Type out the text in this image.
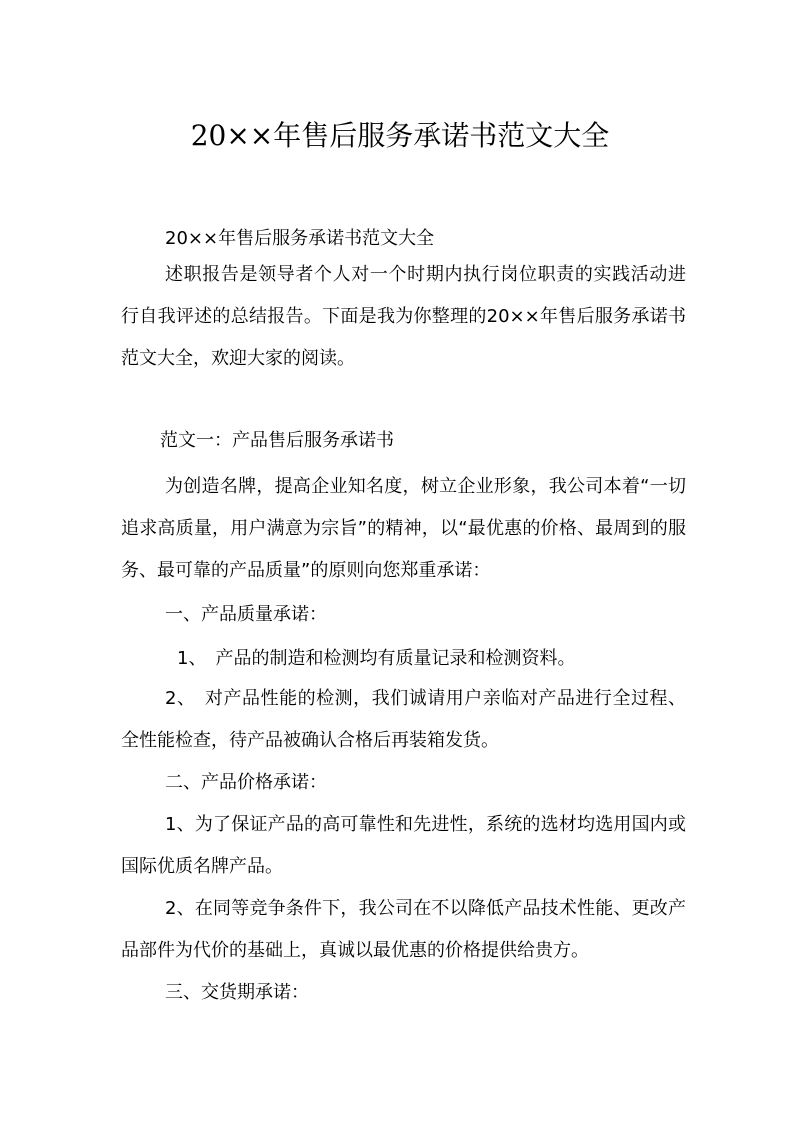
20××年售后服务承诺书范文大全
20××年售后服务承诺书范文大全
述职报告是领导者个人对一个时期内执行岗位职责的实践活动进行自我评述的总结报告。下面是我为你整理的20××年售后服务承诺书范文大全，欢迎大家的阅读。
范文一：产品售后服务承诺书
为创造名牌，提高企业知名度，树立企业形象，我公司本着“一切追求高质量，用户满意为宗旨”的精神，以“最优惠的价格、最周到的服务、最可靠的产品质量”的原则向您郑重承诺：
一、产品质量承诺：
1、　产品的制造和检测均有质量记录和检测资料。
2、　对产品性能的检测，我们诚请用户亲临对产品进行全过程、全性能检查，待产品被确认合格后再装箱发货。
二、产品价格承诺：
1、为了保证产品的高可靠性和先进性，系统的选材均选用国内或国际优质名牌产品。
2、在同等竞争条件下，我公司在不以降低产品技术性能、更改产品部件为代价的基础上，真诚以最优惠的价格提供给贵方。
三、交货期承诺：
